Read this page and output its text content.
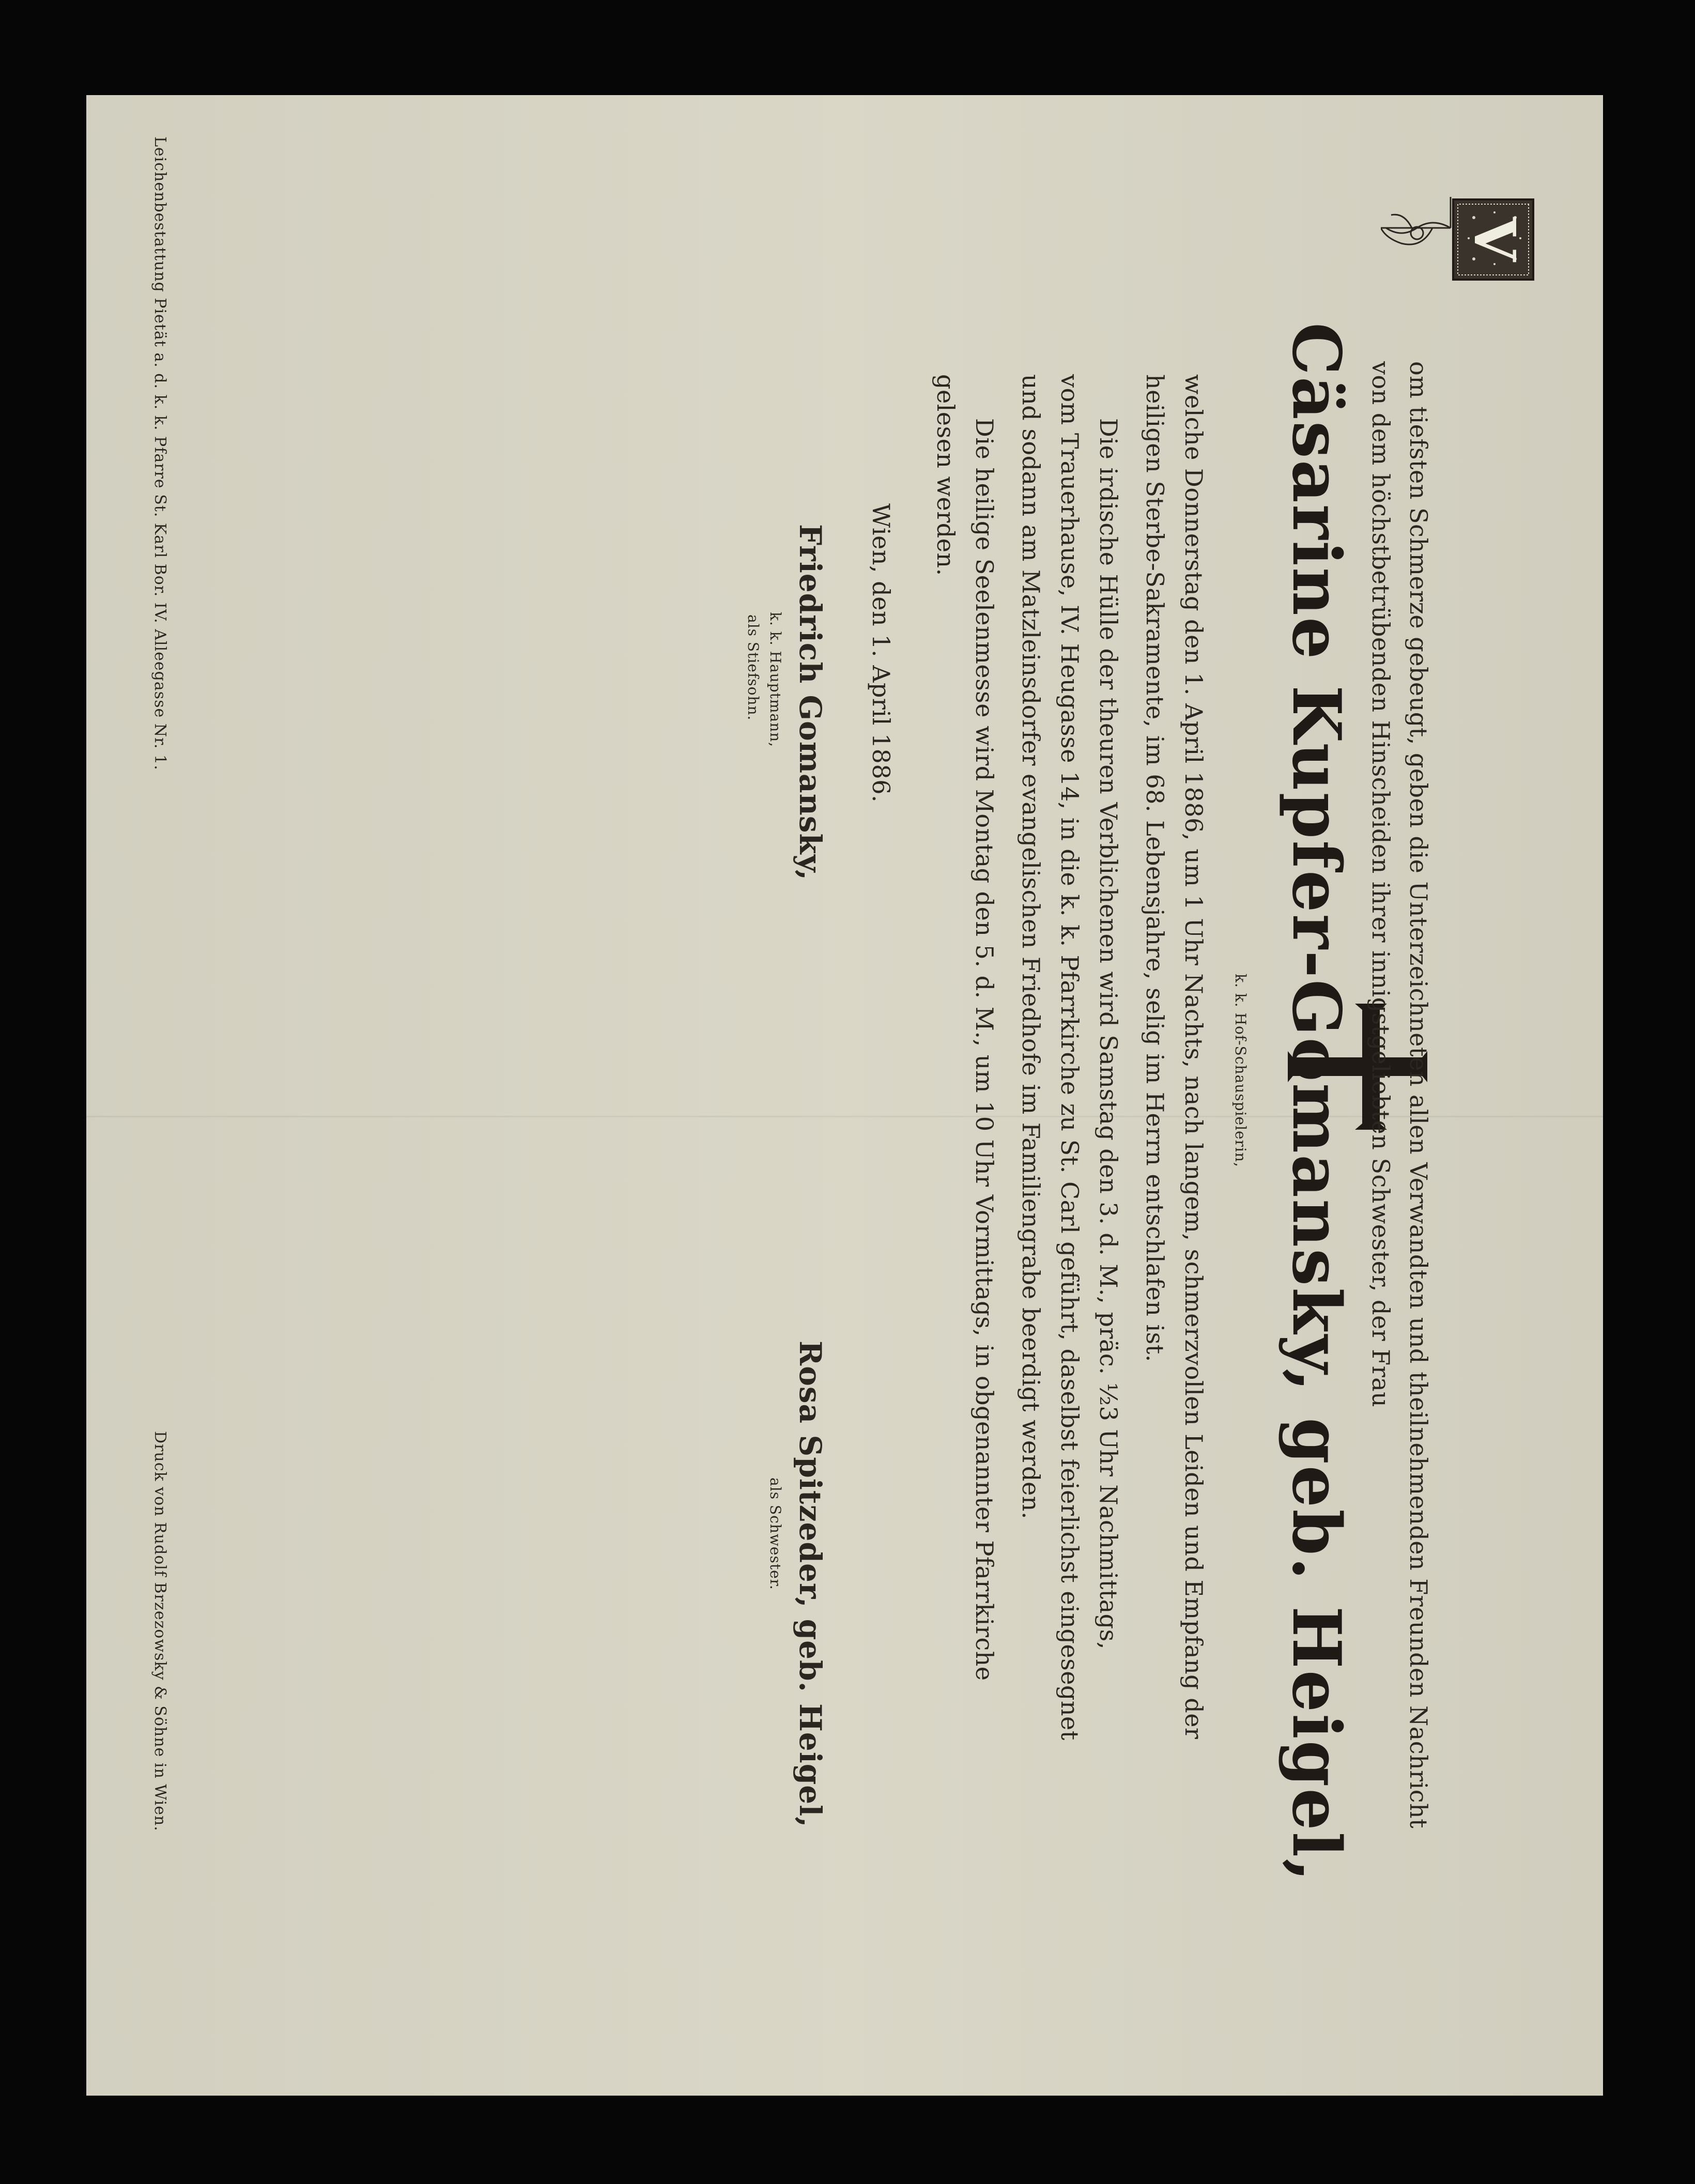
V
om tiefsten Schmerze gebeugt, geben die Unterzeichneten allen Verwandten und theilnehmenden Freunden Nachricht
von dem höchstbetrübenden Hinscheiden ihrer innigstgeliebten Schwester, der Frau
Cäsarine Kupfer-Gomansky, geb. Heigel,
k. k. Hof-Schauspielerin,
welche Donnerstag den 1. April 1886, um 1 Uhr Nachts, nach langem, schmerzvollen Leiden und Empfang der
heiligen Sterbe-Sakramente, im 68. Lebensjahre, selig im Herrn entschlafen ist.
Die irdische Hülle der theuren Verblichenen wird Samstag den 3. d. M., präc. ½3 Uhr Nachmittags,
vom Trauerhause, IV. Heugasse 14, in die k. k. Pfarrkirche zu St. Carl geführt, daselbst feierlichst eingesegnet
und sodann am Matzleinsdorfer evangelischen Friedhofe im Familiengrabe beerdigt werden.
Die heilige Seelenmesse wird Montag den 5. d. M., um 10 Uhr Vormittags, in obgenannter Pfarrkirche
gelesen werden.
Wien, den 1. April 1886.
Friedrich Gomansky,
k. k. Hauptmann,
als Stiefsohn.
Rosa Spitzeder, geb. Heigel,
als Schwester.
Leichenbestattung Pietät a. d. k. k. Pfarre St. Karl Bor. IV. Alleegasse Nr. 1.
Druck von Rudolf Brzezowsky & Söhne in Wien.
